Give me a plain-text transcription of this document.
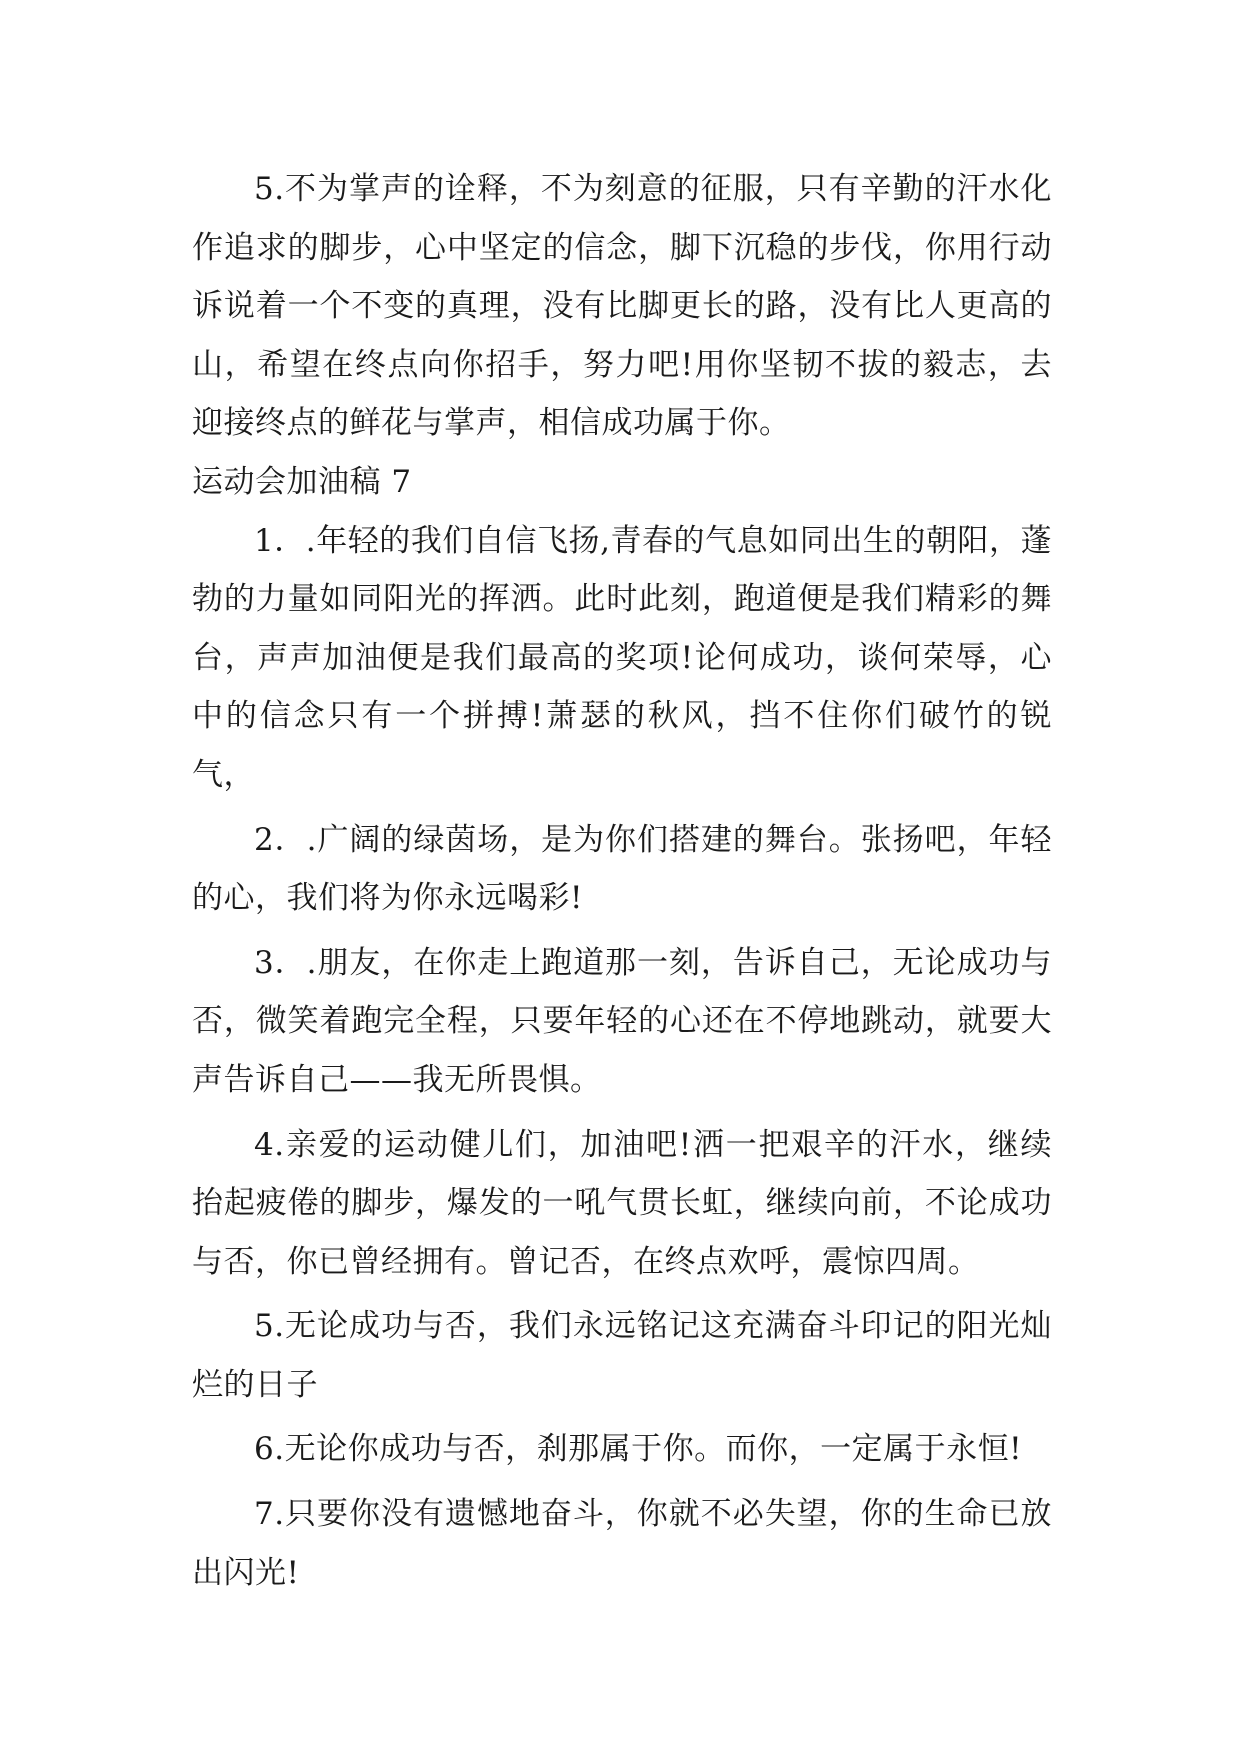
5.不为掌声的诠释，不为刻意的征服，只有辛勤的汗水化作追求的脚步，心中坚定的信念，脚下沉稳的步伐，你用行动诉说着一个不变的真理，没有比脚更长的路，没有比人更高的山，希望在终点向你招手，努力吧!用你坚韧不拔的毅志，去迎接终点的鲜花与掌声，相信成功属于你。

运动会加油稿 7

1．.年轻的我们自信飞扬,青春的气息如同出生的朝阳，蓬勃的力量如同阳光的挥洒。此时此刻，跑道便是我们精彩的舞台，声声加油便是我们最高的奖项!论何成功，谈何荣辱，心中的信念只有一个拼搏!萧瑟的秋风，挡不住你们破竹的锐气，

2．.广阔的绿茵场，是为你们搭建的舞台。张扬吧，年轻的心，我们将为你永远喝彩!

3．.朋友，在你走上跑道那一刻，告诉自己，无论成功与否，微笑着跑完全程，只要年轻的心还在不停地跳动，就要大声告诉自己——我无所畏惧。

4.亲爱的运动健儿们，加油吧!洒一把艰辛的汗水，继续抬起疲倦的脚步，爆发的一吼气贯长虹，继续向前，不论成功与否，你已曾经拥有。曾记否，在终点欢呼，震惊四周。

5.无论成功与否，我们永远铭记这充满奋斗印记的阳光灿烂的日子

6.无论你成功与否，刹那属于你。而你，一定属于永恒!

7.只要你没有遗憾地奋斗，你就不必失望，你的生命已放出闪光!
